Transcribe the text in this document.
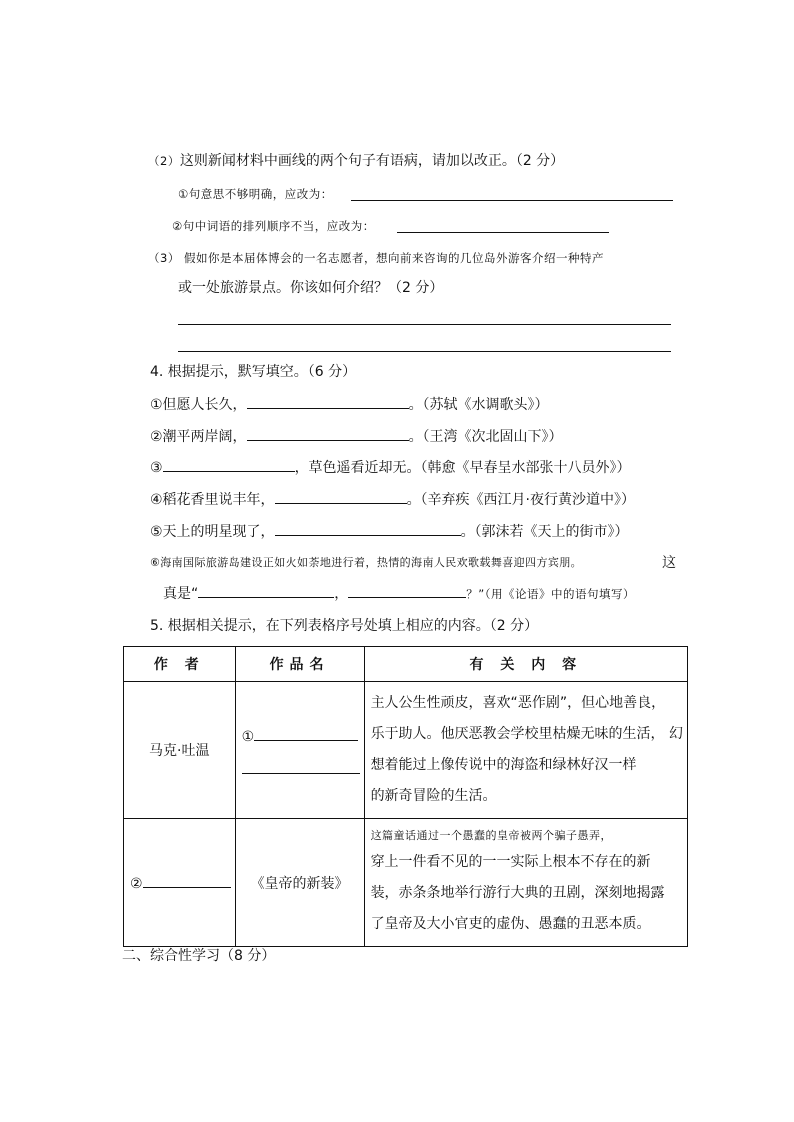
（2）这则新闻材料中画线的两个句子有语病，请加以改正。（2 分）
①句意思不够明确，应改为：
②句中词语的排列顺序不当，应改为：
（3） 假如你是本届体博会的一名志愿者，想向前来咨询的几位岛外游客介绍一种特产
或一处旅游景点。你该如何介绍？（2 分）
4. 根据提示，默写填空。（6 分）
①但愿人长久，	。（苏轼《水调歌头》）
②潮平两岸阔，	。（王湾《次北固山下》）
③	，草色遥看近却无。（韩愈《早春呈水部张十八员外》）
④稻花香里说丰年，	。（辛弃疾《西江月·夜行黄沙道中》）
⑤天上的明星现了，	。（郭沫若《天上的街市》）
⑥海南国际旅游岛建设正如火如荼地进行着，热情的海南人民欢歌载舞喜迎四方宾朋。	这
真是“	，	？”（用《论语》中的语句填写）
5. 根据相关提示，在下列表格序号处填上相应的内容。（2 分）
作 者	作品名	有 关 内 容
马克·吐温	①	主人公生性顽皮，喜欢“恶作剧”，但心地善良，
乐于助人。他厌恶教会学校里枯燥无味的生活， 幻
想着能过上像传说中的海盗和绿林好汉一样
的新奇冒险的生活。

②	《皇帝的新装》	这篇童话通过一个愚蠢的皇帝被两个骗子愚弄，
穿上一件看不见的一一实际上根本不存在的新
装，赤条条地举行游行大典的丑剧，深刻地揭露
了皇帝及大小官吏的虚伪、愚蠢的丑恶本质。
二、综合性学习（8 分）
